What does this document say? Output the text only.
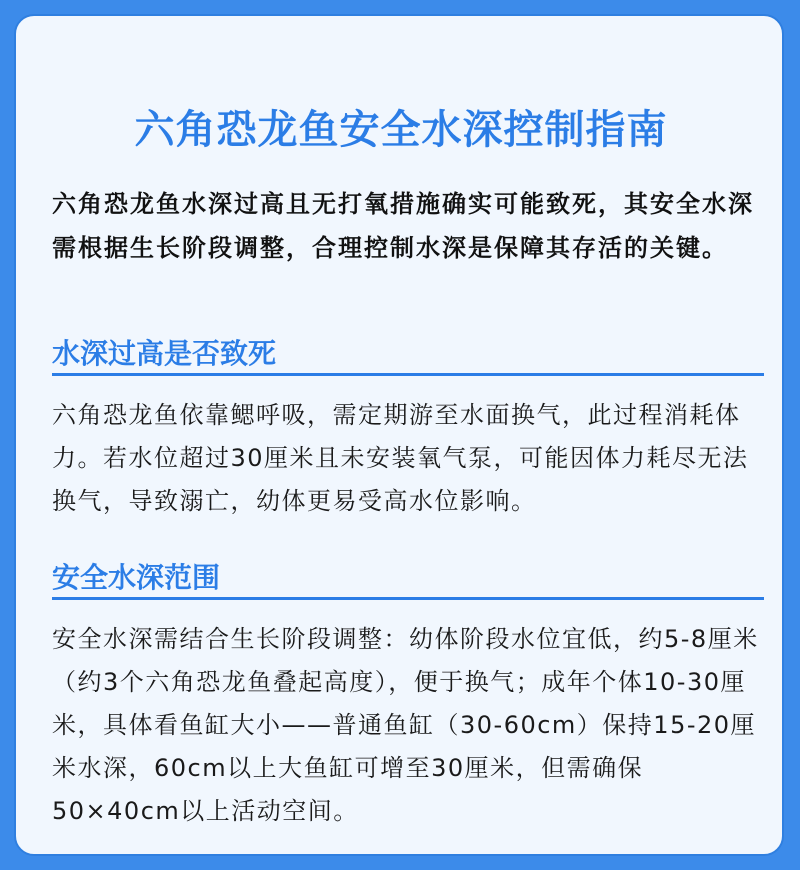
六角恐龙鱼安全水深控制指南
六角恐龙鱼水深过高且无打氧措施确实可能致死，其安全水深需根据生长阶段调整，合理控制水深是保障其存活的关键。
水深过高是否致死
六角恐龙鱼依靠鳃呼吸，需定期游至水面换气，此过程消耗体力。若水位超过30厘米且未安装氧气泵，可能因体力耗尽无法换气，导致溺亡，幼体更易受高水位影响。
安全水深范围
安全水深需结合生长阶段调整：幼体阶段水位宜低，约5-8厘米（约3个六角恐龙鱼叠起高度），便于换气；成年个体10-30厘米，具体看鱼缸大小——普通鱼缸（30-60cm）保持15-20厘米水深，60cm以上大鱼缸可增至30厘米，但需确保50×40cm以上活动空间。
